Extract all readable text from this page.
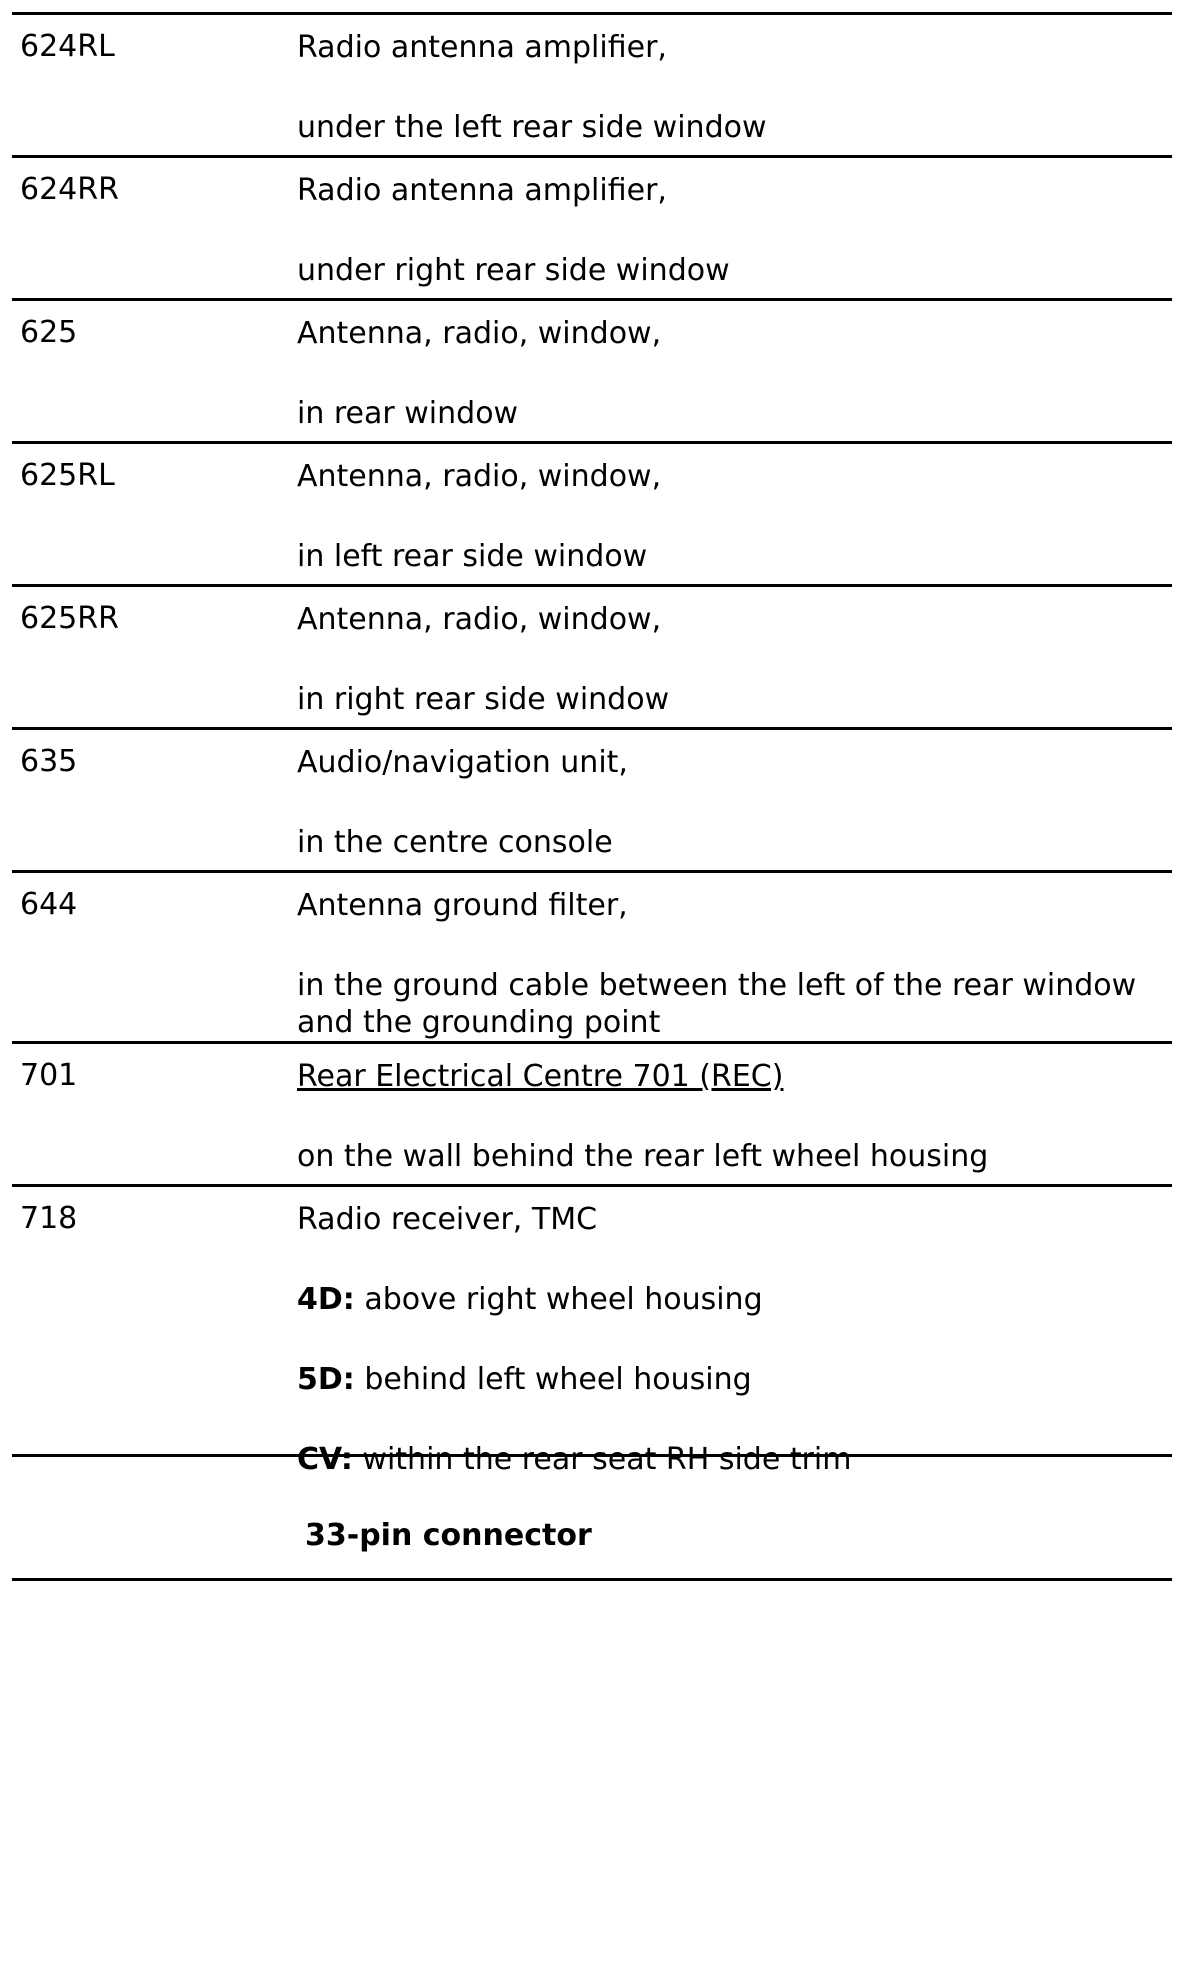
624RL	Radio antenna amplifier,

under the left rear side window

624RR	Radio antenna amplifier,

under right rear side window

625	Antenna, radio, window,

in rear window

625RL	Antenna, radio, window,

in left rear side window

625RR	Antenna, radio, window,

in right rear side window

635	Audio/navigation unit,

in the centre console

644	Antenna ground filter,

in the ground cable between the left of the rear window and the grounding point

701	Rear Electrical Centre 701 (REC)

on the wall behind the rear left wheel housing

718	Radio receiver, TMC

4D: above right wheel housing

5D: behind left wheel housing

CV: within the rear seat RH side trim

33-pin connector
